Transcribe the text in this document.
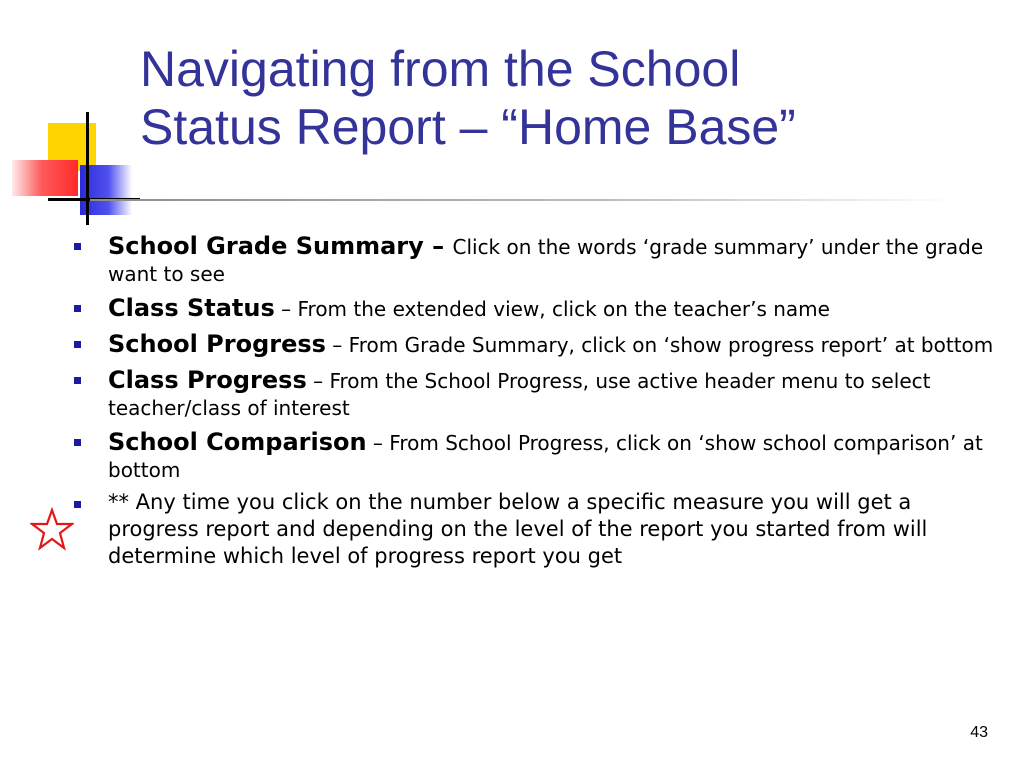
Navigating from the School
Status Report – “Home Base”
School Grade Summary – Click on the words ‘grade summary’ under the grade want to see
Class Status – From the extended view, click on the teacher’s name
School Progress – From Grade Summary, click on ‘show progress report’ at bottom
Class Progress – From the School Progress, use active header menu to select teacher/class of interest
School Comparison – From School Progress, click on ‘show school comparison’ at bottom
** Any time you click on the number below a specific measure you will get a progress report and depending on the level of the report you started from will determine which level of progress report you get
43
